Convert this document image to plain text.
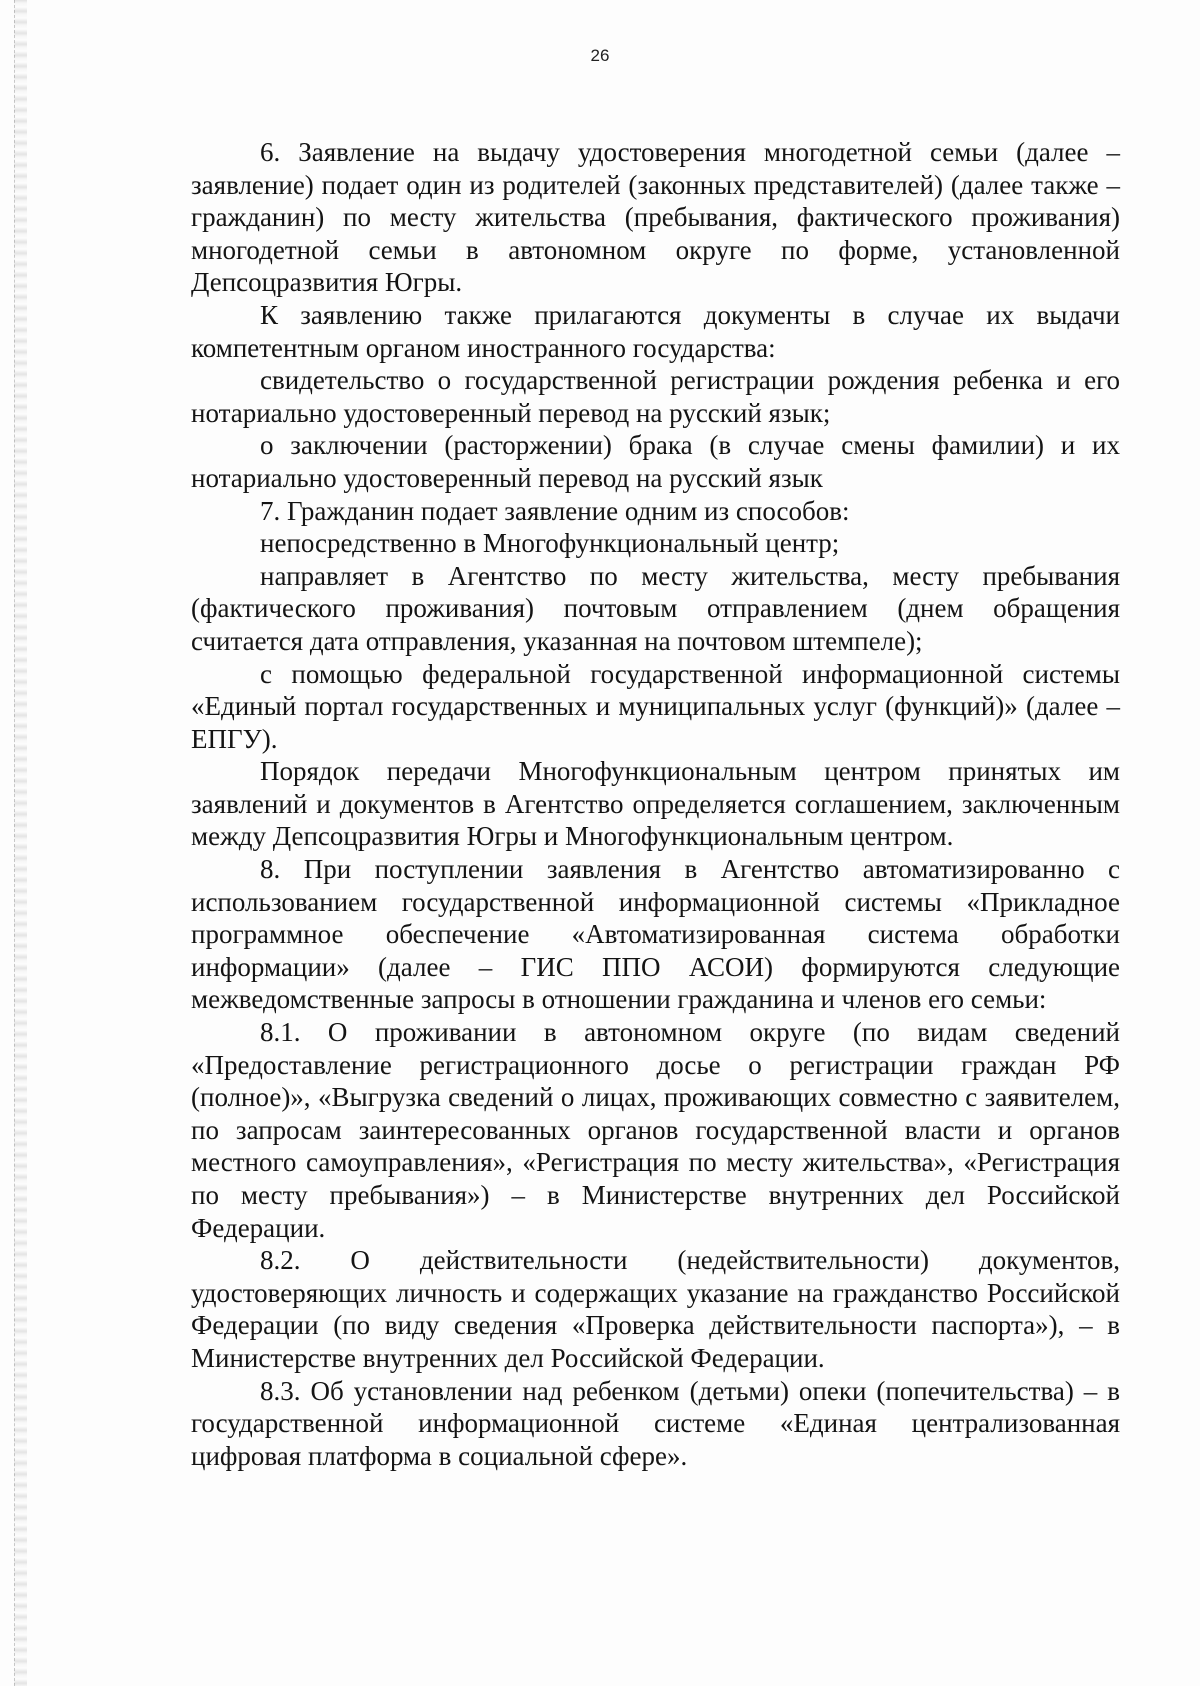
26

6. Заявление на выдачу удостоверения многодетной семьи (далее – заявление) подает один из родителей (законных представителей) (далее также – гражданин) по месту жительства (пребывания, фактического проживания) многодетной семьи в автономном округе по форме, установленной Депсоцразвития Югры.

К заявлению также прилагаются документы в случае их выдачи компетентным органом иностранного государства:

свидетельство о государственной регистрации рождения ребенка и его нотариально удостоверенный перевод на русский язык;

о заключении (расторжении) брака (в случае смены фамилии) и их нотариально удостоверенный перевод на русский язык

7. Гражданин подает заявление одним из способов:

непосредственно в Многофункциональный центр;

направляет в Агентство по месту жительства, месту пребывания (фактического проживания) почтовым отправлением (днем обращения считается дата отправления, указанная на почтовом штемпеле);

с помощью федеральной государственной информационной системы «Единый портал государственных и муниципальных услуг (функций)» (далее – ЕПГУ).

Порядок передачи Многофункциональным центром принятых им заявлений и документов в Агентство определяется соглашением, заключенным между Депсоцразвития Югры и Многофункциональным центром.

8. При поступлении заявления в Агентство автоматизированно с использованием государственной информационной системы «Прикладное программное обеспечение «Автоматизированная система обработки информации» (далее – ГИС ППО АСОИ) формируются следующие межведомственные запросы в отношении гражданина и членов его семьи:

8.1. О проживании в автономном округе (по видам сведений «Предоставление регистрационного досье о регистрации граждан РФ (полное)», «Выгрузка сведений о лицах, проживающих совместно с заявителем, по запросам заинтересованных органов государственной власти и органов местного самоуправления», «Регистрация по месту жительства», «Регистрация по месту пребывания») – в Министерстве внутренних дел Российской Федерации.

8.2. О действительности (недействительности) документов, удостоверяющих личность и содержащих указание на гражданство Российской Федерации (по виду сведения «Проверка действительности паспорта»), – в Министерстве внутренних дел Российской Федерации.

8.3. Об установлении над ребенком (детьми) опеки (попечительства) – в государственной информационной системе «Единая централизованная цифровая платформа в социальной сфере».
